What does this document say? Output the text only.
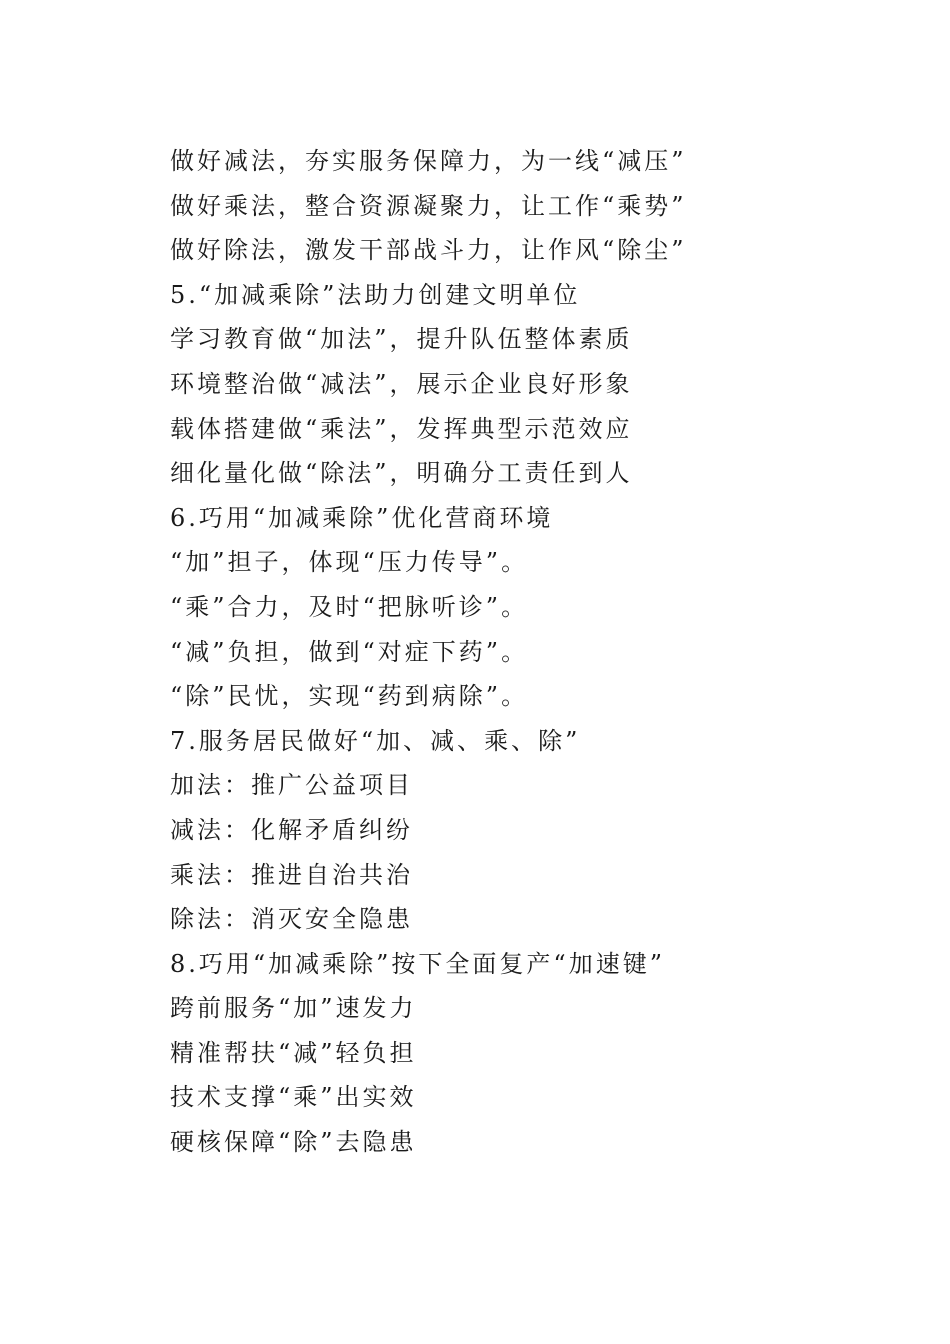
做好减法，夯实服务保障力，为一线“减压”
做好乘法，整合资源凝聚力，让工作“乘势”
做好除法，激发干部战斗力，让作风“除尘”
5.“加减乘除”法助力创建文明单位
学习教育做“加法”，提升队伍整体素质
环境整治做“减法”，展示企业良好形象
载体搭建做“乘法”，发挥典型示范效应
细化量化做“除法”，明确分工责任到人
6.巧用“加减乘除”优化营商环境
“加”担子，体现“压力传导”。
“乘”合力，及时“把脉听诊”。
“减”负担，做到“对症下药”。
“除”民忧，实现“药到病除”。
7.服务居民做好“加、减、乘、除”
加法：推广公益项目
减法：化解矛盾纠纷
乘法：推进自治共治
除法：消灭安全隐患
8.巧用“加减乘除”按下全面复产“加速键”
跨前服务“加”速发力
精准帮扶“减”轻负担
技术支撑“乘”出实效
硬核保障“除”去隐患
